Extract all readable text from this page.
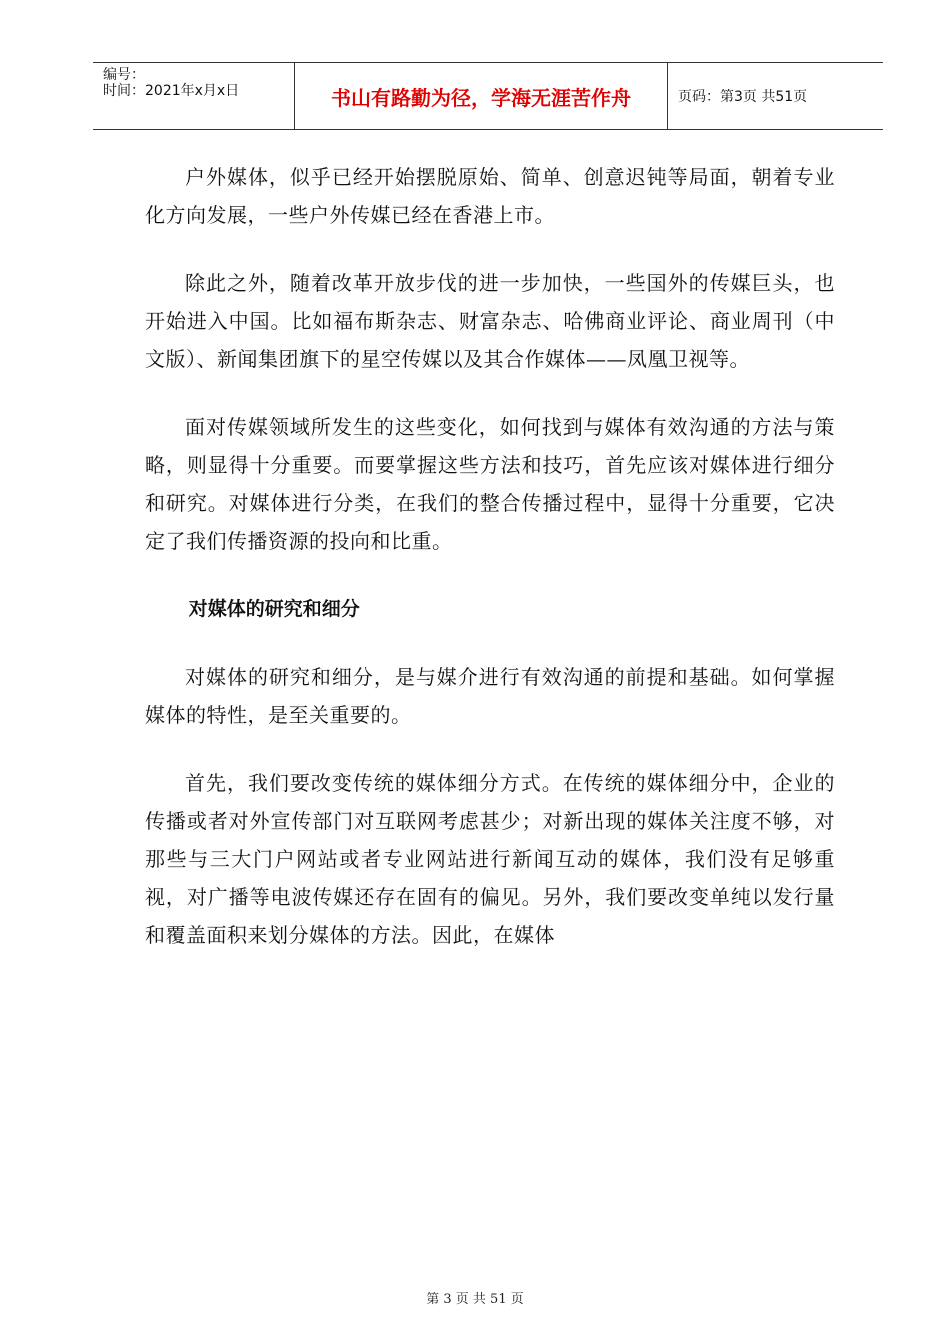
编号：
时间：2021年x月x日	书山有路勤为径，学海无涯苦作舟	页码：第3页 共51页

户外媒体，似乎已经开始摆脱原始、简单、创意迟钝等局面，朝着专业化方向发展，一些户外传媒已经在香港上市。

除此之外，随着改革开放步伐的进一步加快，一些国外的传媒巨头，也开始进入中国。比如福布斯杂志、财富杂志、哈佛商业评论、商业周刊（中文版）、新闻集团旗下的星空传媒以及其合作媒体——凤凰卫视等。

面对传媒领域所发生的这些变化，如何找到与媒体有效沟通的方法与策略，则显得十分重要。而要掌握这些方法和技巧，首先应该对媒体进行细分和研究。对媒体进行分类，在我们的整合传播过程中，显得十分重要，它决定了我们传播资源的投向和比重。

对媒体的研究和细分

对媒体的研究和细分，是与媒介进行有效沟通的前提和基础。如何掌握媒体的特性，是至关重要的。

首先，我们要改变传统的媒体细分方式。在传统的媒体细分中，企业的传播或者对外宣传部门对互联网考虑甚少；对新出现的媒体关注度不够，对那些与三大门户网站或者专业网站进行新闻互动的媒体，我们没有足够重视，对广播等电波传媒还存在固有的偏见。另外，我们要改变单纯以发行量和覆盖面积来划分媒体的方法。因此，在媒体

第 3 页 共 51 页
